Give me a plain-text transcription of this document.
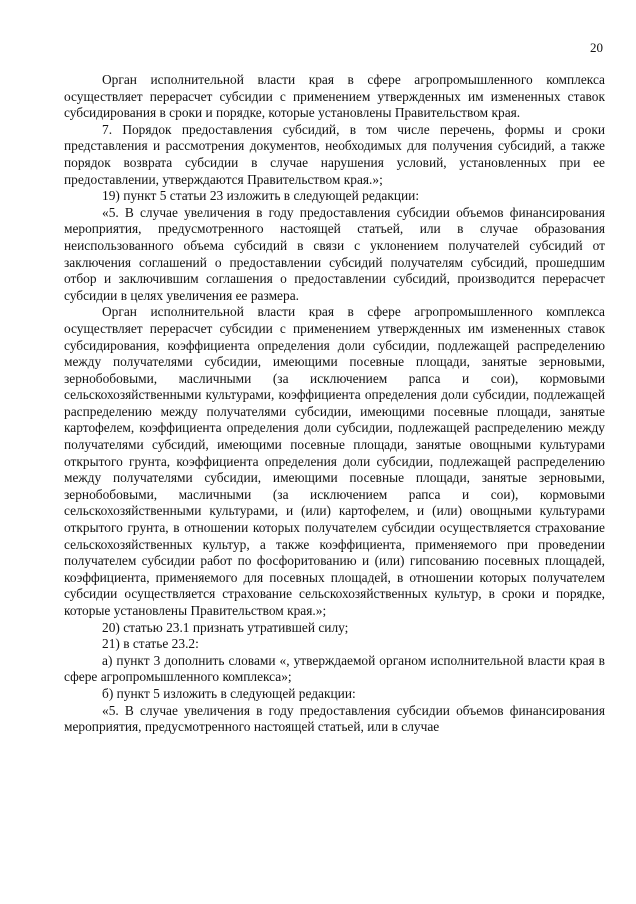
20

Орган исполнительной власти края в сфере агропромышленного комплекса осуществляет перерасчет субсидии с применением утвержденных им измененных ставок субсидирования в сроки и порядке, которые установлены Правительством края.

7. Порядок предоставления субсидий, в том числе перечень, формы и сроки представления и рассмотрения документов, необходимых для получения субсидий, а также порядок возврата субсидии в случае нарушения условий, установленных при ее предоставлении, утверждаются Правительством края.»;

19) пункт 5 статьи 23 изложить в следующей редакции:

«5. В случае увеличения в году предоставления субсидии объемов финансирования мероприятия, предусмотренного настоящей статьей, или в случае образования неиспользованного объема субсидий в связи с уклонением получателей субсидий от заключения соглашений о предоставлении субсидий получателям субсидий, прошедшим отбор и заключившим соглашения о предоставлении субсидий, производится перерасчет субсидии в целях увеличения ее размера.

Орган исполнительной власти края в сфере агропромышленного комплекса осуществляет перерасчет субсидии с применением утвержденных им измененных ставок субсидирования, коэффициента определения доли субсидии, подлежащей распределению между получателями субсидии, имеющими посевные площади, занятые зерновыми, зернобобовыми, масличными (за исключением рапса и сои), кормовыми сельскохозяйственными культурами, коэффициента определения доли субсидии, подлежащей распределению между получателями субсидии, имеющими посевные площади, занятые картофелем, коэффициента определения доли субсидии, подлежащей распределению между получателями субсидий, имеющими посевные площади, занятые овощными культурами открытого грунта, коэффициента определения доли субсидии, подлежащей распределению между получателями субсидии, имеющими посевные площади, занятые зерновыми, зернобобовыми, масличными (за исключением рапса и сои), кормовыми сельскохозяйственными культурами, и (или) картофелем, и (или) овощными культурами открытого грунта, в отношении которых получателем субсидии осуществляется страхование сельскохозяйственных культур, а также коэффициента, применяемого при проведении получателем субсидии работ по фосфоритованию и (или) гипсованию посевных площадей, коэффициента, применяемого для посевных площадей, в отношении которых получателем субсидии осуществляется страхование сельскохозяйственных культур, в сроки и порядке, которые установлены Правительством края.»;

20) статью 23.1 признать утратившей силу;

21) в статье 23.2:

а) пункт 3 дополнить словами «, утверждаемой органом исполнительной власти края в сфере агропромышленного комплекса»;

б) пункт 5 изложить в следующей редакции:

«5. В случае увеличения в году предоставления субсидии объемов финансирования мероприятия, предусмотренного настоящей статьей, или в случае
